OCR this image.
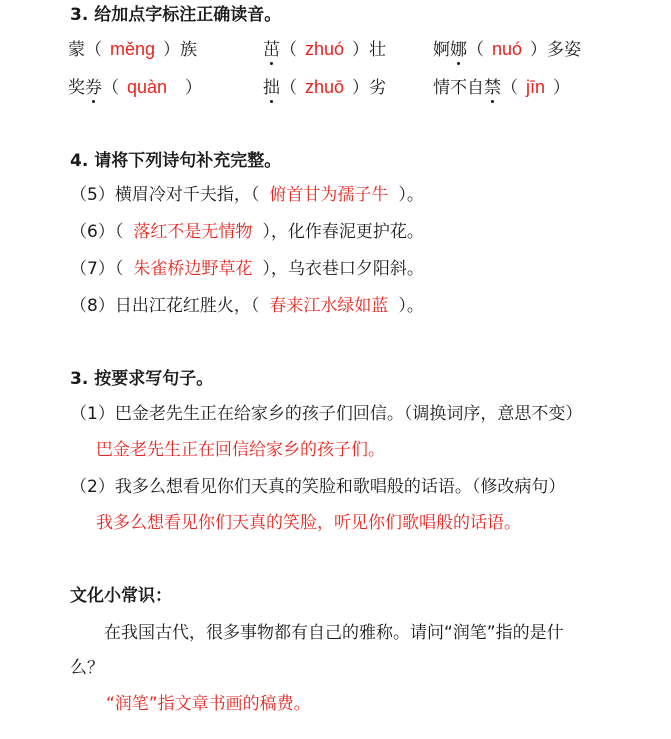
3. 给加点字标注正确读音。
蒙（ měng ）族	茁（ zhuó ）壮	婀娜（ nuó ）多姿
奖券（ quàn ）	拙（ zhuō ）劣	情不自禁（ jīn ）
4. 请将下列诗句补充完整。
（5）横眉冷对千夫指，（ 俯首甘为孺子牛 ）。
（6）（ 落红不是无情物 ），化作春泥更护花。
（7）（ 朱雀桥边野草花 ），乌衣巷口夕阳斜。
（8）日出江花红胜火，（ 春来江水绿如蓝 ）。
3. 按要求写句子。
（1）巴金老先生正在给家乡的孩子们回信。（调换词序，意思不变）
巴金老先生正在回信给家乡的孩子们。
（2）我多么想看见你们天真的笑脸和歌唱般的话语。（修改病句）
我多么想看见你们天真的笑脸，听见你们歌唱般的话语。
文化小常识：
在我国古代，很多事物都有自己的雅称。请问“润笔”指的是什
么？
“润笔”指文章书画的稿费。
